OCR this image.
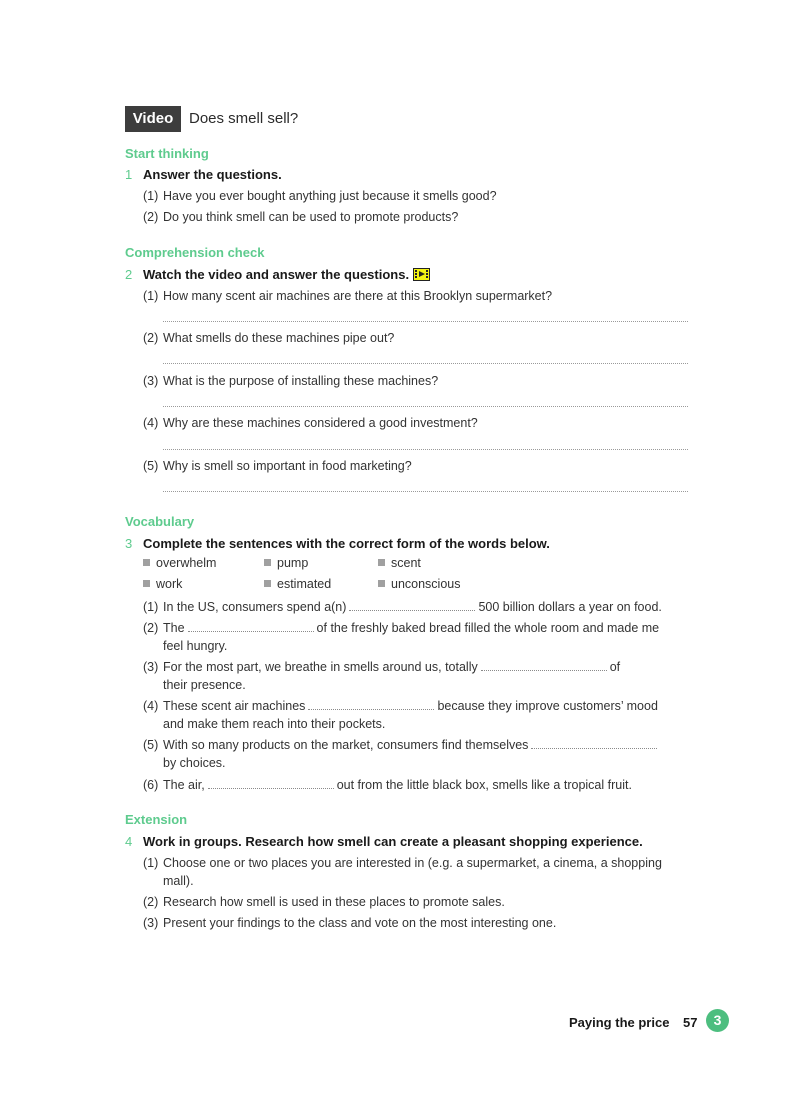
Video	Does smell sell?
Start thinking
1 Answer the questions.
(1) Have you ever bought anything just because it smells good?
(2) Do you think smell can be used to promote products?
Comprehension check
2 Watch the video and answer the questions.
(1) How many scent air machines are there at this Brooklyn supermarket?
(2) What smells do these machines pipe out?
(3) What is the purpose of installing these machines?
(4) Why are these machines considered a good investment?
(5) Why is smell so important in food marketing?
Vocabulary
3 Complete the sentences with the correct form of the words below.
overwhelm	pump	scent
work	estimated	unconscious
(1) In the US, consumers spend a(n)	500 billion dollars a year on food.
(2) The	of the freshly baked bread filled the whole room and made me
feel hungry.
(3) For the most part, we breathe in smells around us, totally	of
their presence.
(4) These scent air machines	because they improve customers’ mood
and make them reach into their pockets.
(5) With so many products on the market, consumers find themselves
by choices.
(6) The air,	out from the little black box, smells like a tropical fruit.
Extension
4 Work in groups. Research how smell can create a pleasant shopping experience.
(1) Choose one or two places you are interested in (e.g. a supermarket, a cinema, a shopping
mall).
(2) Research how smell is used in these places to promote sales.
(3) Present your findings to the class and vote on the most interesting one.
Paying the price 57	3
